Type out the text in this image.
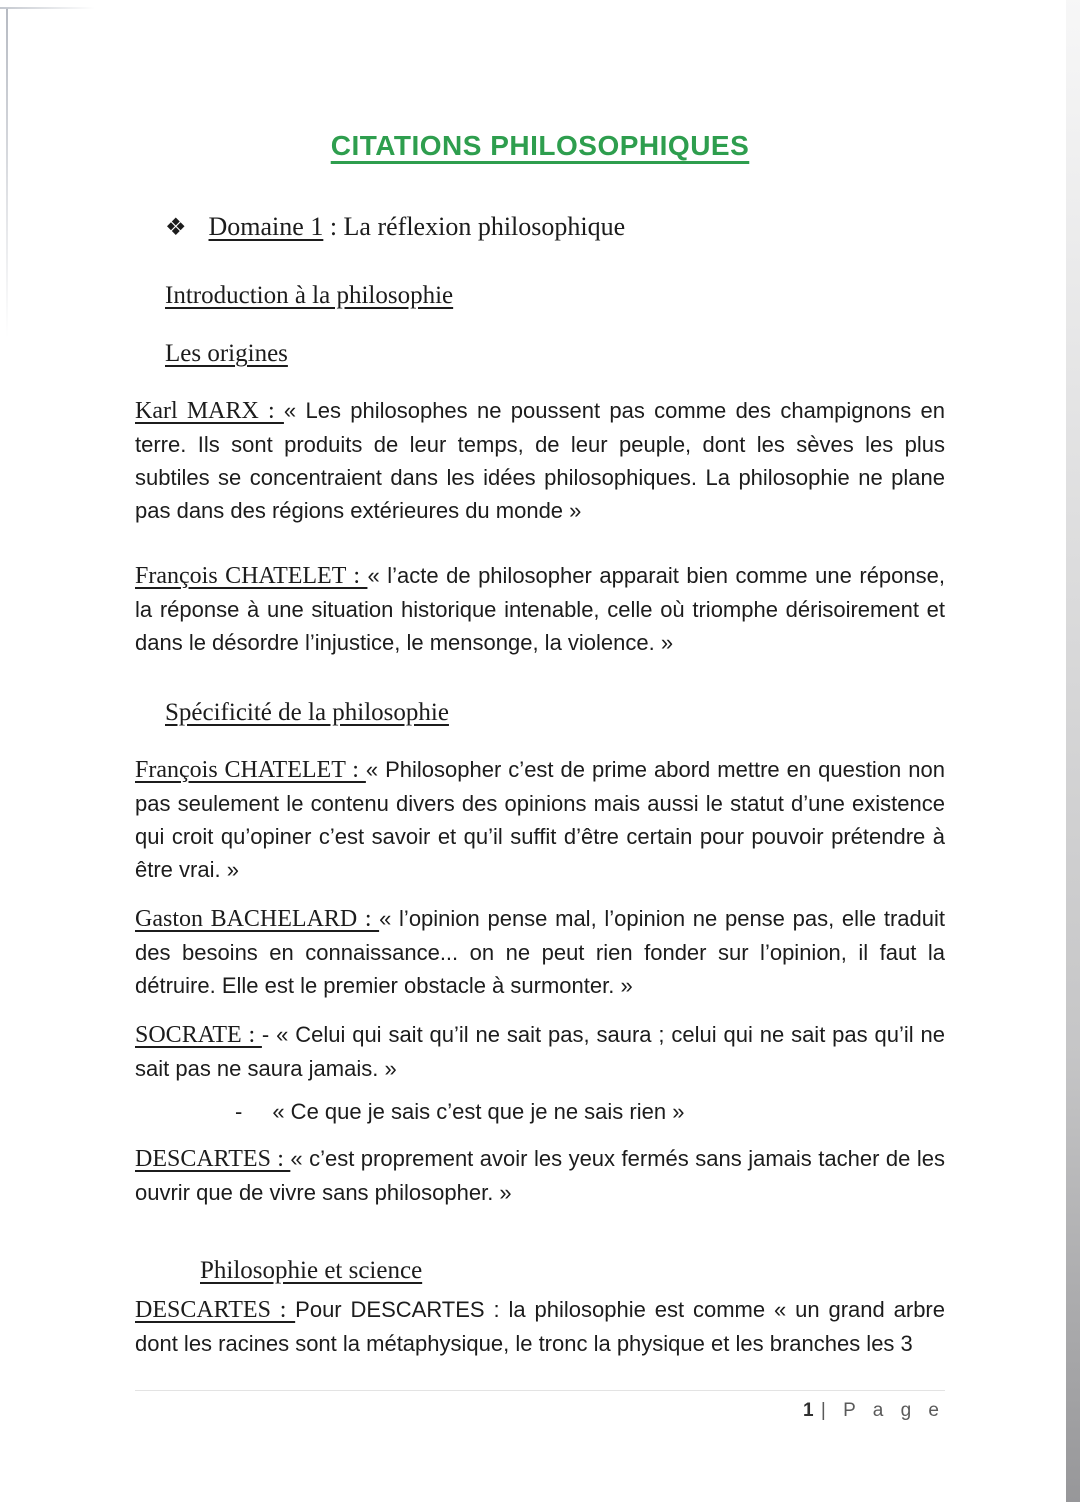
CITATIONS PHILOSOPHIQUES
❖ Domaine 1 : La réflexion philosophique
Introduction à la philosophie
Les origines

Karl MARX : « Les philosophes ne poussent pas comme des champignons en terre. Ils sont produits de leur temps, de leur peuple, dont les sèves les plus subtiles se concentraient dans les idées philosophiques. La philosophie ne plane pas dans des régions extérieures du monde »

François CHATELET : « l’acte de philosopher apparait bien comme une réponse, la réponse à une situation historique intenable, celle où triomphe dérisoirement et dans le désordre l’injustice, le mensonge, la violence. »

Spécificité de la philosophie

François CHATELET : « Philosopher c’est de prime abord mettre en question non pas seulement le contenu divers des opinions mais aussi le statut d’une existence qui croit qu’opiner c’est savoir et qu’il suffit d’être certain pour pouvoir prétendre à être vrai. »

Gaston BACHELARD : « l’opinion pense mal, l’opinion ne pense pas, elle traduit des besoins en connaissance... on ne peut rien fonder sur l’opinion, il faut la détruire. Elle est le premier obstacle à surmonter. »

SOCRATE : - « Celui qui sait qu’il ne sait pas, saura ; celui qui ne sait pas qu’il ne sait pas ne saura jamais. »

- « Ce que je sais c’est que je ne sais rien »

DESCARTES : « c’est proprement avoir les yeux fermés sans jamais tacher de les ouvrir que de vivre sans philosopher. »

Philosophie et science

DESCARTES : Pour DESCARTES : la philosophie est comme « un grand arbre dont les racines sont la métaphysique, le tronc la physique et les branches les 3

1 | P a g e
